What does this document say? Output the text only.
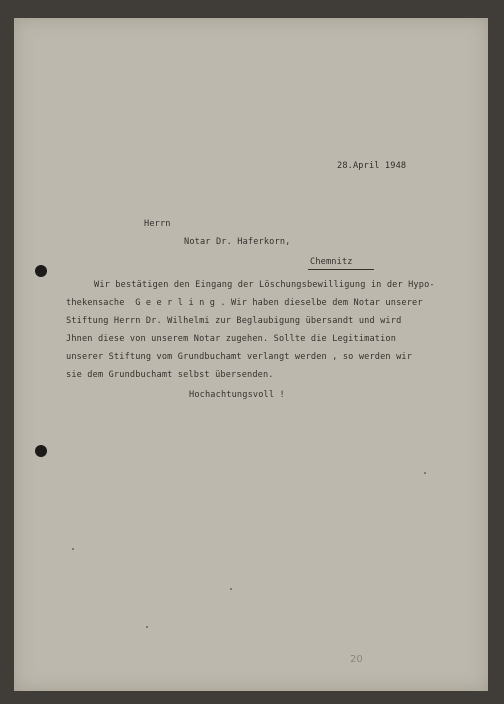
28.April 1948
Herrn
Notar Dr. Haferkorn,
Chemnitz
Wir bestätigen den Eingang der Löschungsbewilligung in der Hypo-
thekensache  G e e r l i n g . Wir haben dieselbe dem Notar unserer
Stiftung Herrn Dr. Wilhelmi zur Beglaubigung übersandt und wird
Jhnen diese von unserem Notar zugehen. Sollte die Legitimation
unserer Stiftung vom Grundbuchamt verlangt werden , so werden wir
sie dem Grundbuchamt selbst übersenden.
Hochachtungsvoll !
20
